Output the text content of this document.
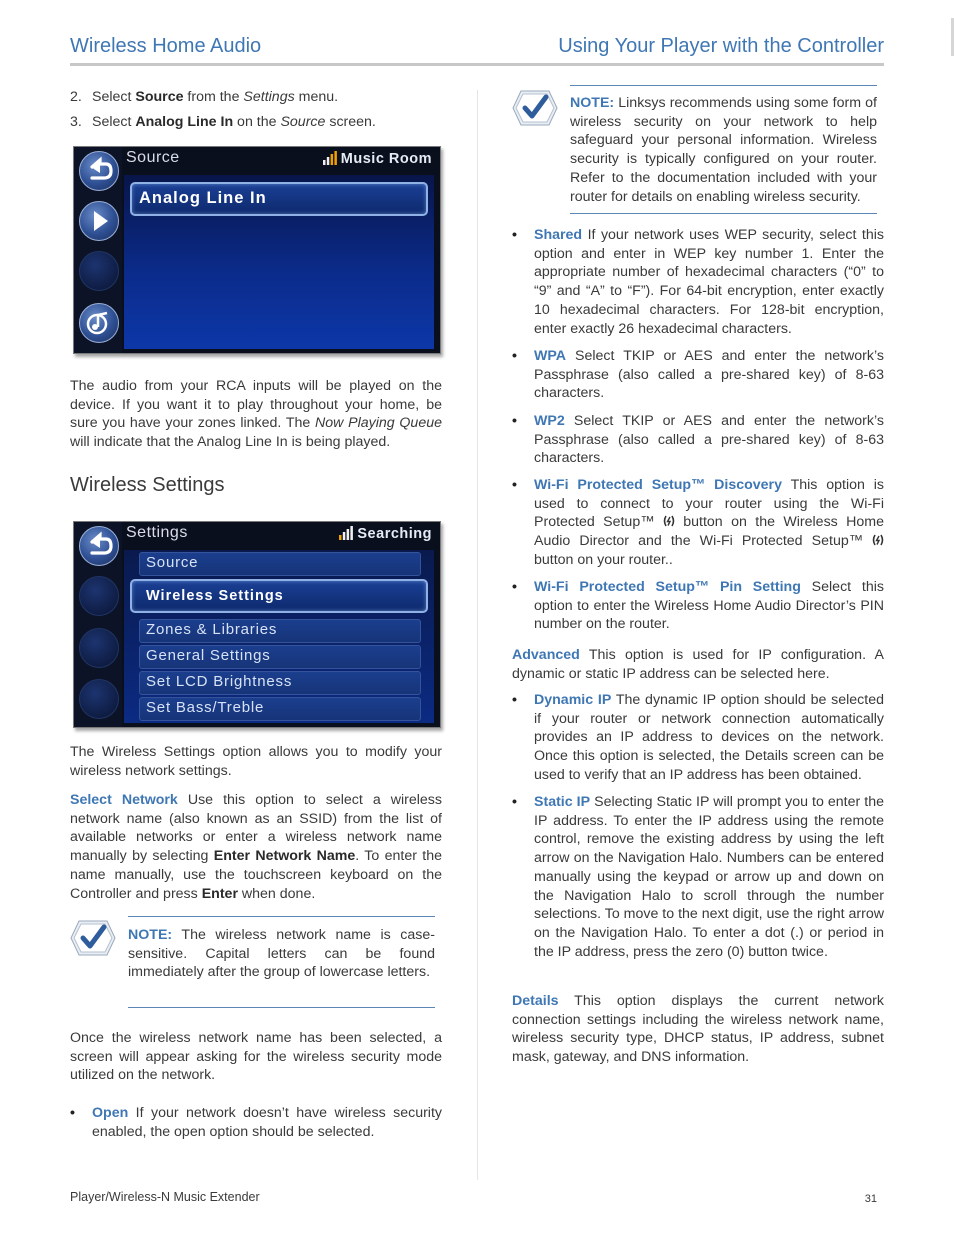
Wireless Home Audio	Using Your Player with the Controller
2. Select Source from the Settings menu.
3. Select Analog Line In on the Source screen.
Source	Music Room
Analog Line In

The audio from your RCA inputs will be played on the device. If you want it to play throughout your home, be sure you have your zones linked. The Now Playing Queue will indicate that the Analog Line In is being played.

Wireless Settings
Settings	Searching
Source
Wireless Settings
Zones & Libraries
General Settings
Set LCD Brightness
Set Bass/Treble

The Wireless Settings option allows you to modify your wireless network settings.

Select Network Use this option to select a wireless network name (also known as an SSID) from the list of available networks or enter a wireless network name manually by selecting Enter Network Name. To enter the name manually, use the touchscreen keyboard on the Controller and press Enter when done.

NOTE: The wireless network name is case-sensitive. Capital letters can be found immediately after the group of lowercase letters.

Once the wireless network name has been selected, a screen will appear asking for the wireless security mode utilized on the network.

• Open If your network doesn’t have wireless security enabled, the open option should be selected.
NOTE: Linksys recommends using some form of wireless security on your network to help safeguard your personal information. Wireless security is typically configured on your router. Refer to the documentation included with your router for details on enabling wireless security.
• Shared If your network uses WEP security, select this option and enter in WEP key number 1. Enter the appropriate number of hexadecimal characters (“0” to “9” and “A” to “F”). For 64-bit encryption, enter exactly 10 hexadecimal characters. For 128-bit encryption, enter exactly 26 hexadecimal characters.
• WPA Select TKIP or AES and enter the network’s Passphrase (also called a pre-shared key) of 8-63 characters.
• WP2 Select TKIP or AES and enter the network’s Passphrase (also called a pre-shared key) of 8-63 characters.
• Wi-Fi Protected Setup™ Discovery This option is used to connect to your router using the Wi-Fi Protected Setup™  button on the Wireless Home Audio Director and the Wi-Fi Protected Setup™  button on your router..
• Wi-Fi Protected Setup™ Pin Setting Select this option to enter the Wireless Home Audio Director’s PIN number on the router.

Advanced This option is used for IP configuration. A dynamic or static IP address can be selected here.

• Dynamic IP The dynamic IP option should be selected if your router or network connection automatically provides an IP address to devices on the network. Once this option is selected, the Details screen can be used to verify that an IP address has been obtained.
• Static IP Selecting Static IP will prompt you to enter the IP address. To enter the IP address using the remote control, remove the existing address by using the left arrow on the Navigation Halo. Numbers can be entered manually using the keypad or arrow up and down on the Navigation Halo to scroll through the number selections. To move to the next digit, use the right arrow on the Navigation Halo. To enter a dot (.) or period in the IP address, press the zero (0) button twice.

Details This option displays the current network connection settings including the wireless network name, wireless security type, DHCP status, IP address, subnet mask, gateway, and DNS information.

Player/Wireless-N Music Extender	31
